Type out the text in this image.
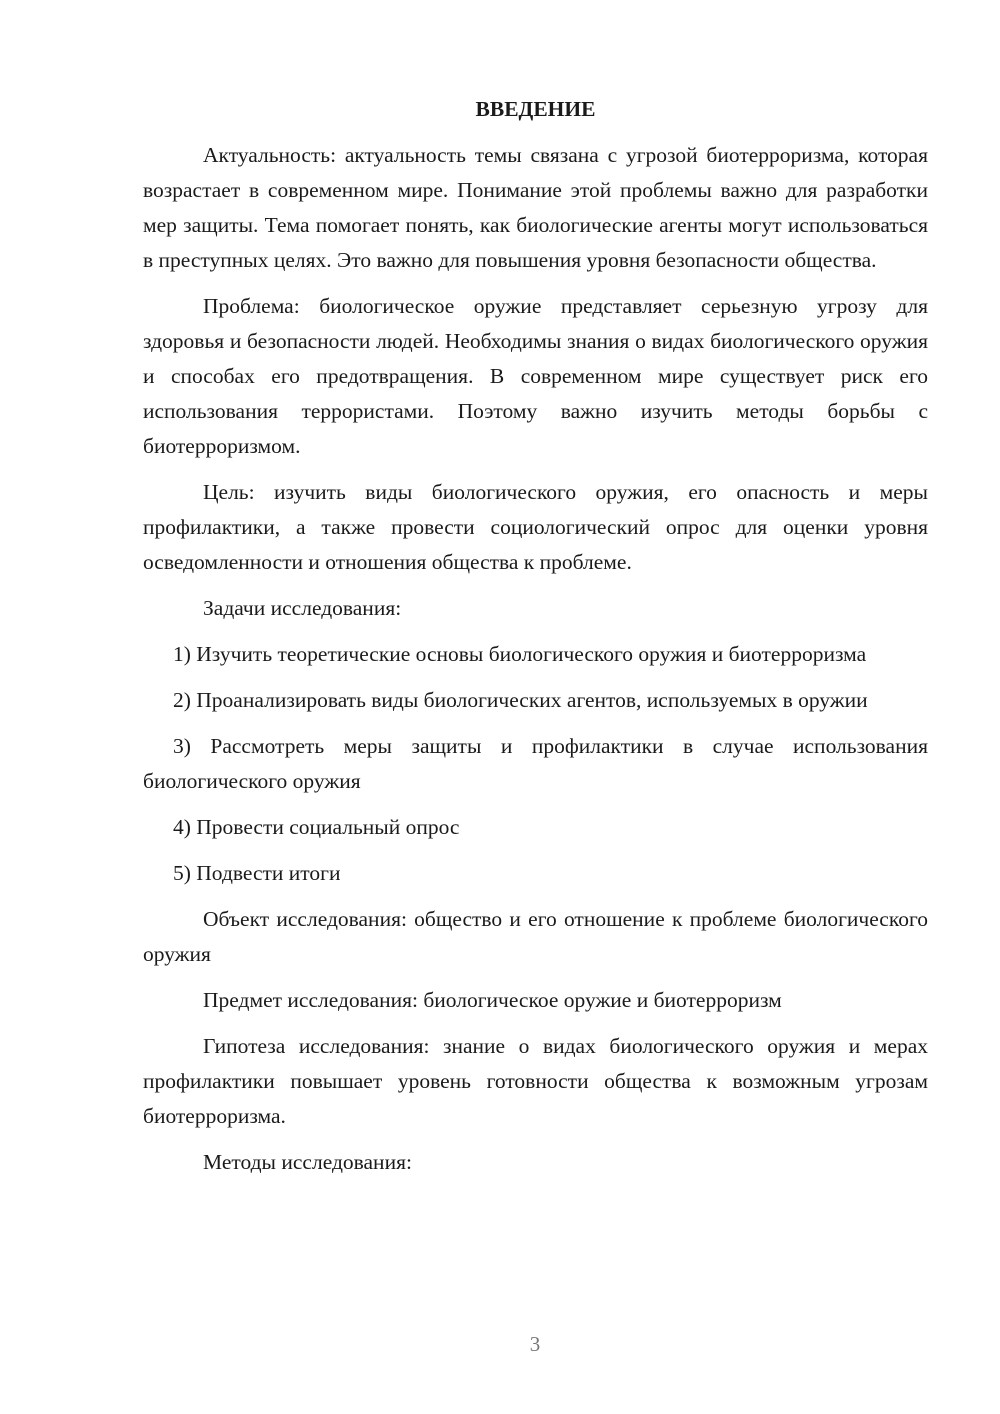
ВВЕДЕНИЕ

Актуальность: актуальность темы связана с угрозой биотерроризма, которая возрастает в современном мире. Понимание этой проблемы важно для разработки мер защиты. Тема помогает понять, как биологические агенты могут использоваться в преступных целях. Это важно для повышения уровня безопасности общества.

Проблема: биологическое оружие представляет серьезную угрозу для здоровья и безопасности людей. Необходимы знания о видах биологического оружия и способах его предотвращения. В современном мире существует риск его использования террористами. Поэтому важно изучить методы борьбы с биотерроризмом.

Цель: изучить виды биологического оружия, его опасность и меры профилактики, а также провести социологический опрос для оценки уровня осведомленности и отношения общества к проблеме.

Задачи исследования:

1) Изучить теоретические основы биологического оружия и биотерроризма

2) Проанализировать виды биологических агентов, используемых в оружии

3) Рассмотреть меры защиты и профилактики в случае использования биологического оружия

4) Провести социальный опрос

5) Подвести итоги

Объект исследования: общество и его отношение к проблеме биологического оружия

Предмет исследования: биологическое оружие и биотерроризм

Гипотеза исследования: знание о видах биологического оружия и мерах профилактики повышает уровень готовности общества к возможным угрозам биотерроризма.

Методы исследования:

3
